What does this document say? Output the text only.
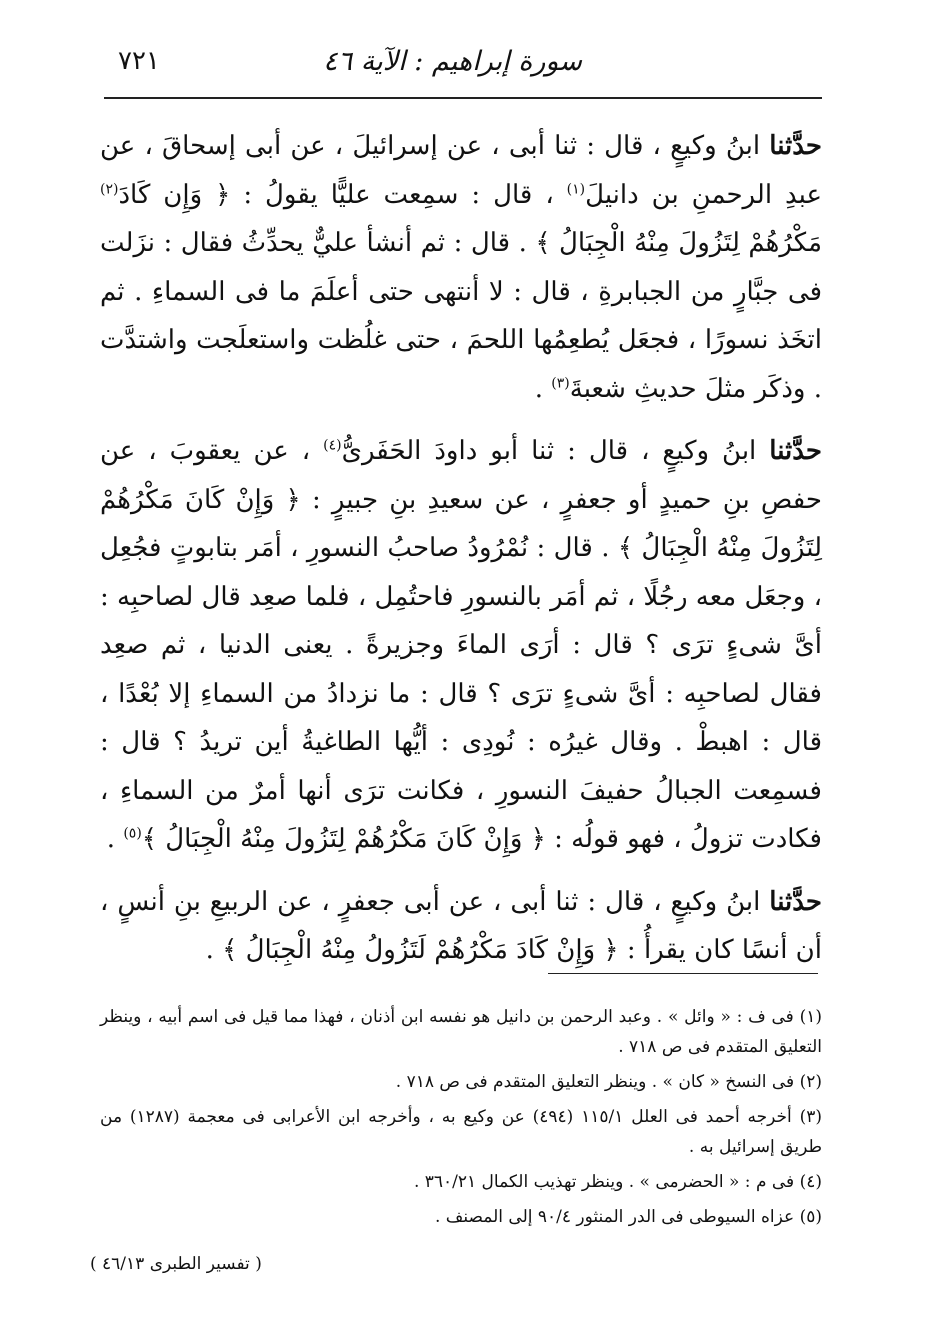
سورة إبراهيم : الآية ٤٦
٧٢١

حدَّثنا ابنُ وكيعٍ ، قال : ثنا أبى ، عن إسرائيلَ ، عن أبى إسحاقَ ، عن عبدِ الرحمنِ بن دانيلَ$^{(١)}$ ، قال : سمِعت عليًّا يقولُ : ﴿ وَإِن كَادَ$^{(٢)}$ مَكْرُهُمْ لِتَزُولَ مِنْهُ الْجِبَالُ ﴾ . قال : ثم أنشأ عليٌّ يحدِّثُ فقال : نزَلت فى جبَّارٍ من الجبابرةِ ، قال : لا أنتهى حتى أعلَمَ ما فى السماءِ . ثم اتخَذ نسورًا ، فجعَل يُطعِمُها اللحمَ ، حتى غلُظت واستعلَجت واشتدَّت . وذكَر مثلَ حديثِ شعبةَ$^{(٣)}$ .

حدَّثنا ابنُ وكيعٍ ، قال : ثنا أبو داودَ الحَفَرىُّ$^{(٤)}$ ، عن يعقوبَ ، عن حفصِ بنِ حميدٍ أو جعفرٍ ، عن سعيدِ بنِ جبيرٍ : ﴿ وَإِنْ كَانَ مَكْرُهُمْ لِتَزُولَ مِنْهُ الْجِبَالُ ﴾ . قال : نُمْرُودُ صاحبُ النسورِ ، أمَر بتابوتٍ فجُعِل ، وجعَل معه رجُلًا ، ثم أمَر بالنسورِ فاحتُمِل ، فلما صعِد قال لصاحبِه : أىَّ شىءٍ ترَى ؟ قال : أرَى الماءَ وجزيرةً . يعنى الدنيا ، ثم صعِد فقال لصاحبِه : أىَّ شىءٍ ترَى ؟ قال : ما نزدادُ من السماءِ إلا بُعْدًا ، قال : اهبطْ . وقال غيرُه : نُودِى : أيُّها الطاغيةُ أين تريدُ ؟ قال : فسمِعت الجبالُ حفيفَ النسورِ ، فكانت ترَى أنها أمرٌ من السماءِ ، فكادت تزولُ ، فهو قولُه : ﴿ وَإِنْ كَانَ مَكْرُهُمْ لِتَزُولَ مِنْهُ الْجِبَالُ ﴾$^{(٥)}$ .

حدَّثنا ابنُ وكيعٍ ، قال : ثنا أبى ، عن أبى جعفرٍ ، عن الربيعِ بنِ أنسٍ ، أن أنسًا كان يقرأُ : ﴿ وَإِنْ كَادَ مَكْرُهُمْ لَتَزُولُ مِنْهُ الْجِبَالُ ﴾ .

(١) فى ف : « وائل » . وعبد الرحمن بن دانيل هو نفسه ابن أذنان ، فهذا مما قيل فى اسم أبيه ، وينظر التعليق المتقدم فى ص ٧١٨ .

(٢) فى النسخ « كان » . وينظر التعليق المتقدم فى ص ٧١٨ .

(٣) أخرجه أحمد فى العلل ١١٥/١ (٤٩٤) عن وكيع به ، وأخرجه ابن الأعرابى فى معجمة (١٢٨٧) من طريق إسرائيل به .

(٤) فى م : « الحضرمى » . وينظر تهذيب الكمال ٣٦٠/٢١ .

(٥) عزاه السيوطى فى الدر المنثور ٩٠/٤ إلى المصنف .

( تفسير الطبرى ٤٦/١٣ )
